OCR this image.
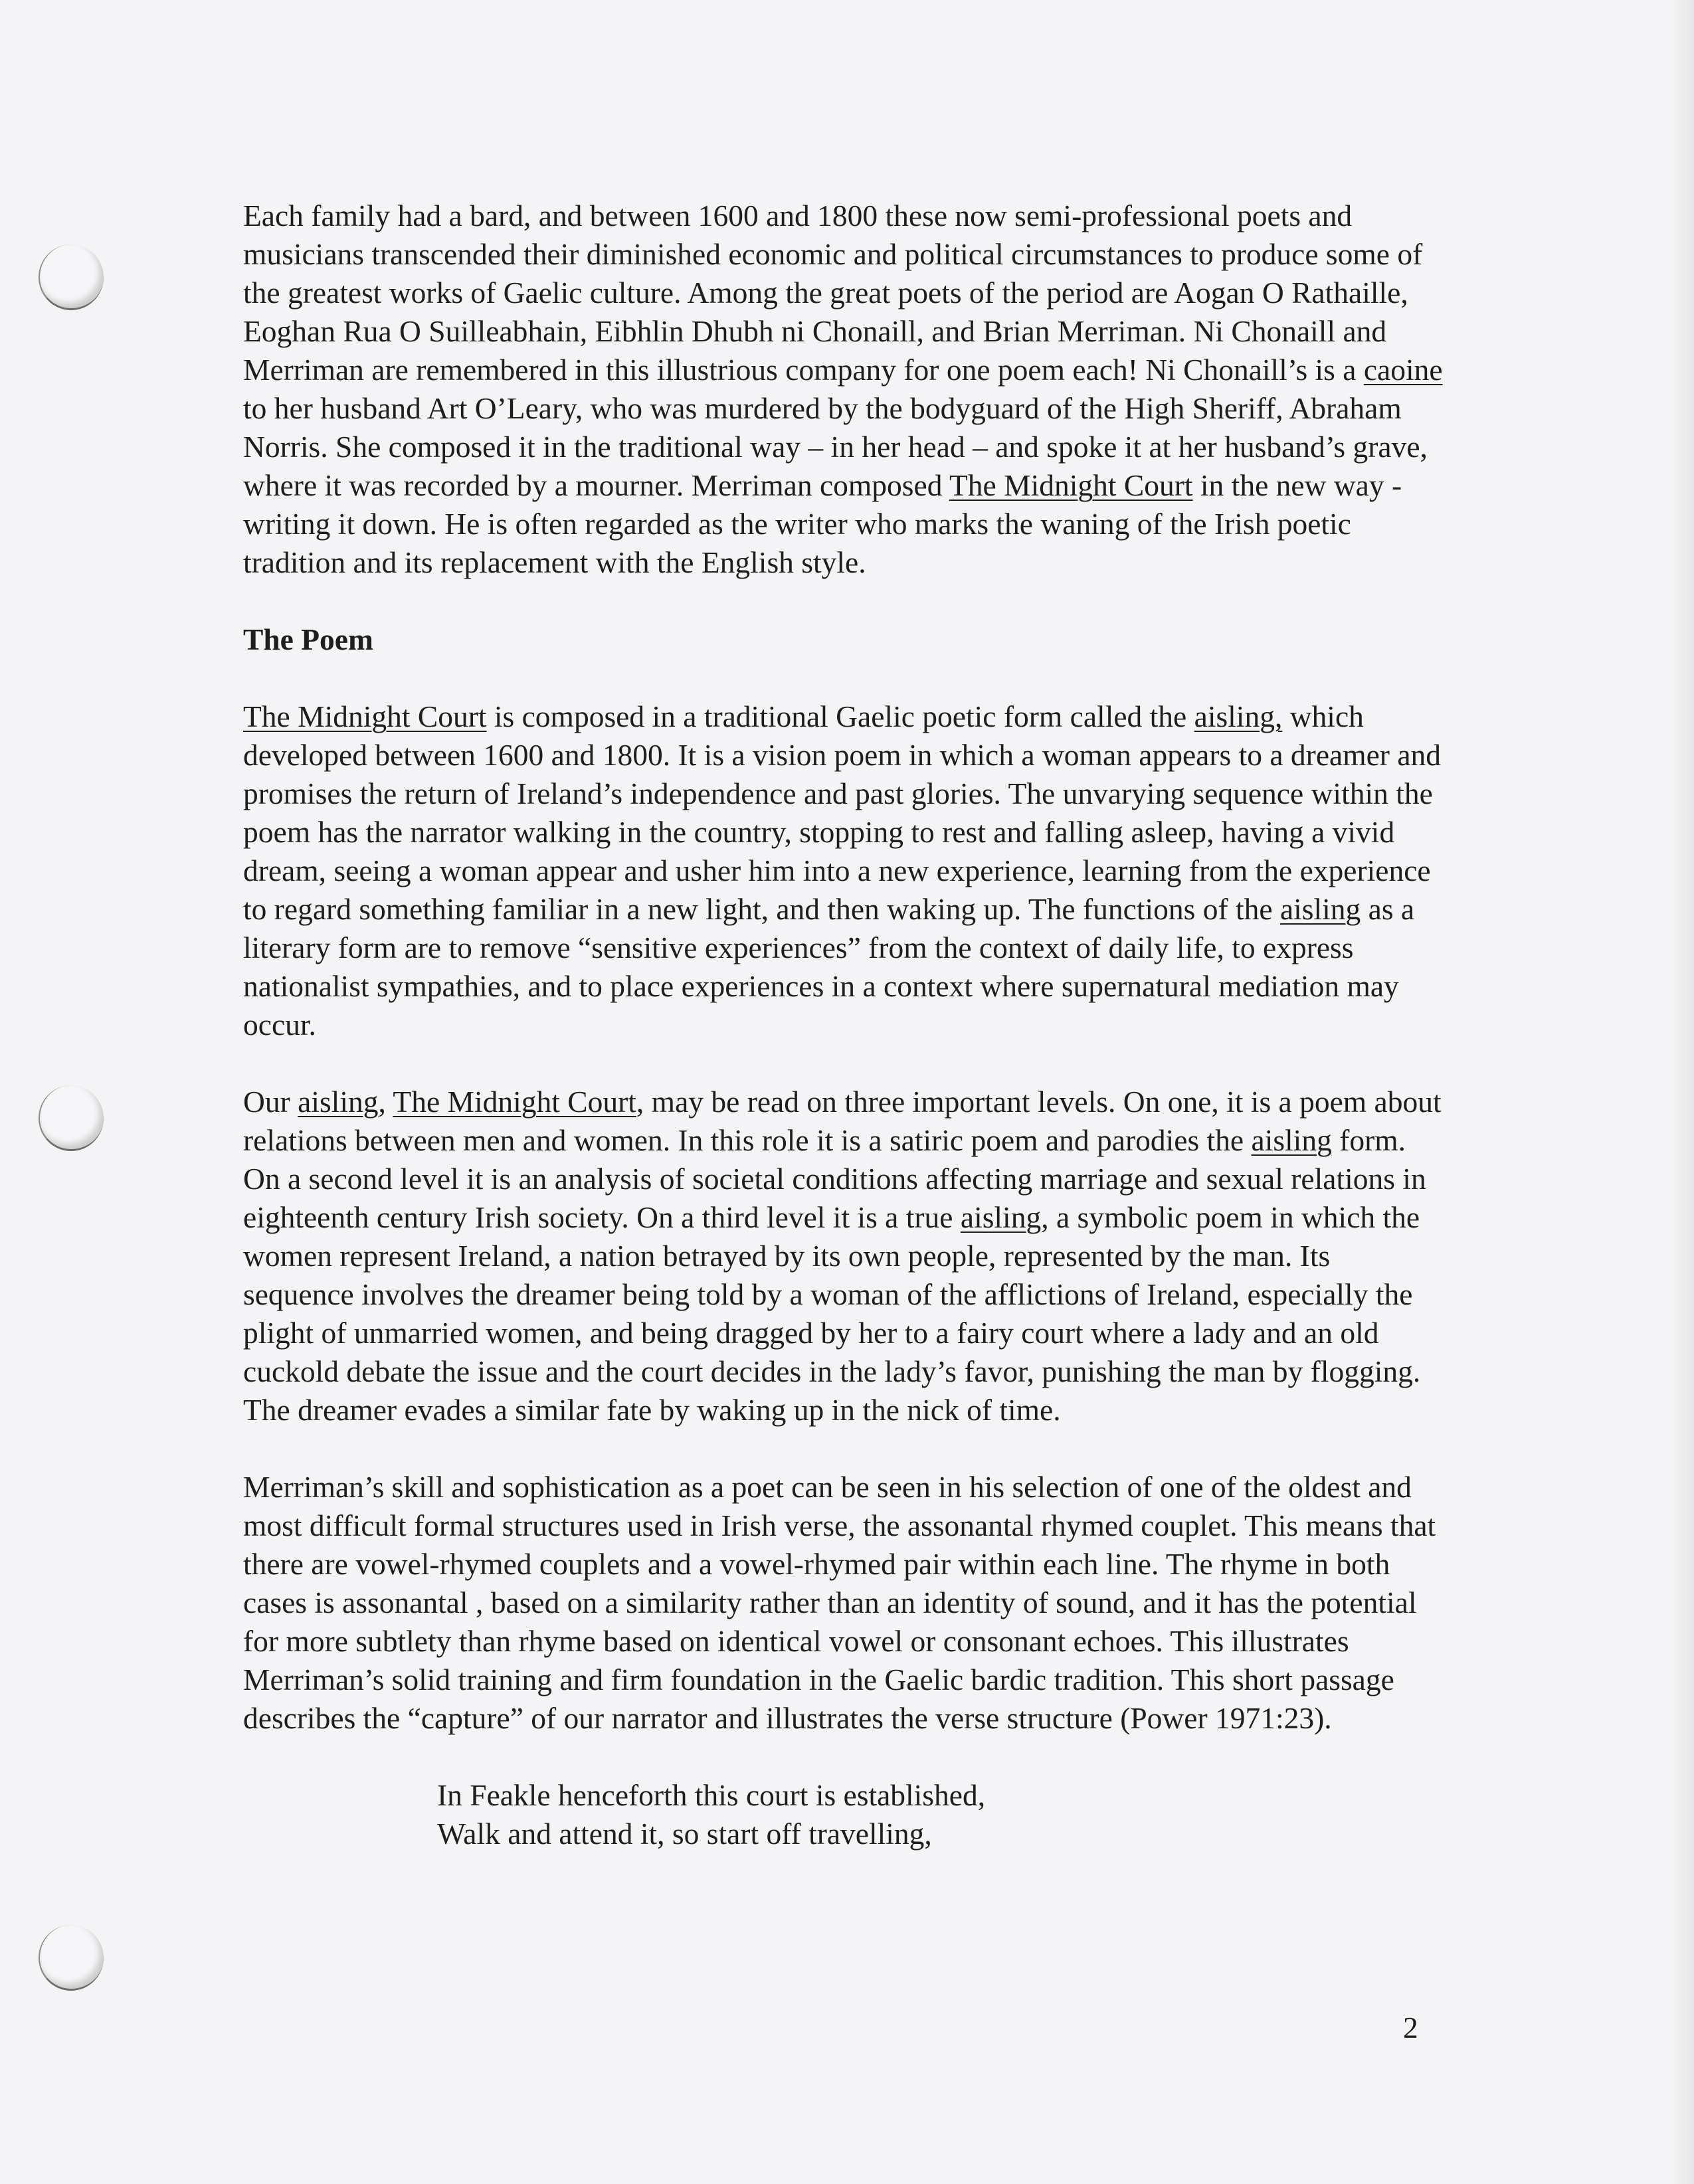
Each family had a bard, and between 1600 and 1800 these now semi-professional poets and musicians transcended their diminished economic and political circumstances to produce some of the greatest works of Gaelic culture. Among the great poets of the period are Aogan O Rathaille, Eoghan Rua O Suilleabhain, Eibhlin Dhubh ni Chonaill, and Brian Merriman. Ni Chonaill and Merriman are remembered in this illustrious company for one poem each! Ni Chonaill’s is a caoine to her husband Art O’Leary, who was murdered by the bodyguard of the High Sheriff, Abraham Norris. She composed it in the traditional way – in her head – and spoke it at her husband’s grave, where it was recorded by a mourner. Merriman composed The Midnight Court in the new way - writing it down. He is often regarded as the writer who marks the waning of the Irish poetic tradition and its replacement with the English style.

The Poem

The Midnight Court is composed in a traditional Gaelic poetic form called the aisling, which developed between 1600 and 1800. It is a vision poem in which a woman appears to a dreamer and promises the return of Ireland’s independence and past glories. The unvarying sequence within the poem has the narrator walking in the country, stopping to rest and falling asleep, having a vivid dream, seeing a woman appear and usher him into a new experience, learning from the experience to regard something familiar in a new light, and then waking up. The functions of the aisling as a literary form are to remove “sensitive experiences” from the context of daily life, to express nationalist sympathies, and to place experiences in a context where supernatural mediation may occur.

Our aisling, The Midnight Court, may be read on three important levels. On one, it is a poem about relations between men and women. In this role it is a satiric poem and parodies the aisling form. On a second level it is an analysis of societal conditions affecting marriage and sexual relations in eighteenth century Irish society. On a third level it is a true aisling, a symbolic poem in which the women represent Ireland, a nation betrayed by its own people, represented by the man. Its sequence involves the dreamer being told by a woman of the afflictions of Ireland, especially the plight of unmarried women, and being dragged by her to a fairy court where a lady and an old cuckold debate the issue and the court decides in the lady’s favor, punishing the man by flogging. The dreamer evades a similar fate by waking up in the nick of time.

Merriman’s skill and sophistication as a poet can be seen in his selection of one of the oldest and most difficult formal structures used in Irish verse, the assonantal rhymed couplet. This means that there are vowel-rhymed couplets and a vowel-rhymed pair within each line. The rhyme in both cases is assonantal , based on a similarity rather than an identity of sound, and it has the potential for more subtlety than rhyme based on identical vowel or consonant echoes. This illustrates Merriman’s solid training and firm foundation in the Gaelic bardic tradition. This short passage describes the “capture” of our narrator and illustrates the verse structure (Power 1971:23).

In Feakle henceforth this court is established,
Walk and attend it, so start off travelling,
2
